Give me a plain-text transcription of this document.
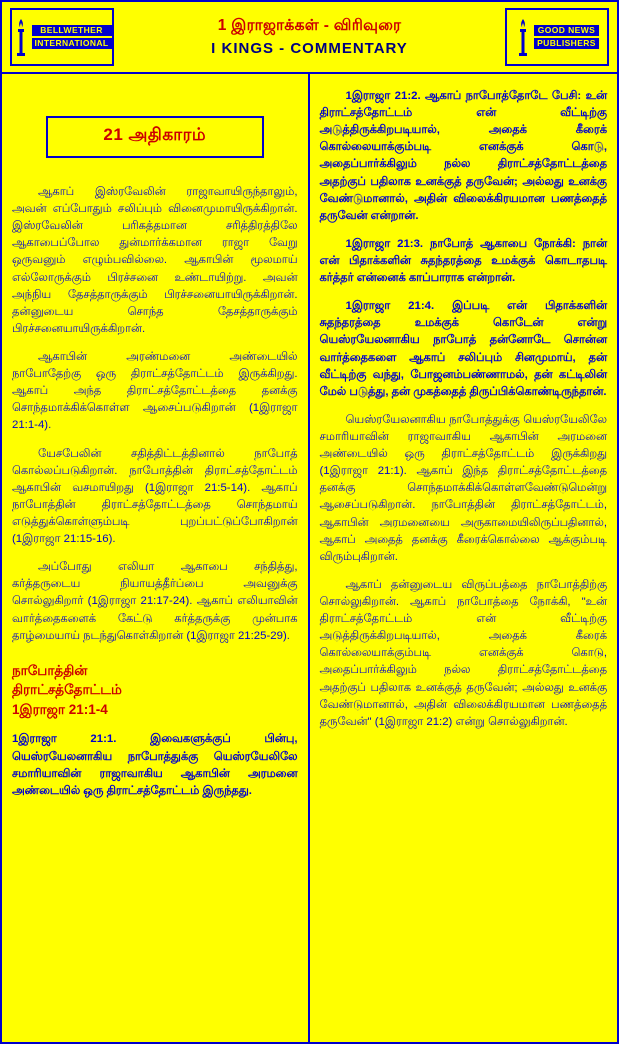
BELLWETHER
INTERNATIONAL
1 இராஜாக்கள் - விரிவுரை
I KINGS - COMMENTARY
GOOD NEWS
PUBLISHERS
21 அதிகாரம்

ஆகாப் இஸ்ரவேலின் ராஜாவாயிருந்தாலும், அவன் எப்போதும் சலிப்பும் வினைமுமாயிருக்கிறான். இஸ்ரவேலின் பரிகத்தமான சரித்திரத்திலே ஆகாபைப்போல துன்மார்க்கமான ராஜா வேறு ஒருவனும் எழும்பவில்லை. ஆகாபின் மூலமாய் எல்லோருக்கும் பிரச்சனை உண்டாயிற்று. அவன் அந்நிய தேசத்தாருக்கும் பிரச்சனையாயிருக்கிறான். தன்னுடைய சொந்த தேசத்தாருக்கும் பிரச்சனையாயிருக்கிறான்.

ஆகாபின் அரண்மனை அண்டையில் நாபோதேற்கு ஒரு திராட்சத்தோட்டம் இருக்கிறது. ஆகாப் அந்த திராட்சத்தோட்டத்தை தனக்கு சொந்தமாக்கிக்கொள்ள ஆசைப்படுகிறான் (1இராஜா 21:1-4).

யேசபேலின் சதித்திட்டத்தினால் நாபோத் கொல்லப்படுகிறான். நாபோத்தின் திராட்சத்தோட்டம் ஆகாபின் வசமாயிறது (1இராஜா 21:5-14). ஆகாப் நாபோத்தின் திராட்சத்தோட்டத்தை சொந்தமாய் எடுத்துக்கொள்ளும்படி புறப்பட்டுப்போகிறான் (1இராஜா 21:15-16).

அப்போது எலியா ஆகாபை சந்தித்து, கர்த்தருடைய நியாயத்தீர்ப்பை அவனுக்கு சொல்லுகிறார் (1இராஜா 21:17-24). ஆகாப் எலியாவின் வார்த்தைகளைக் கேட்டு கர்த்தருக்கு முன்பாக தாழ்மையாய் நடந்துகொள்கிறான் (1இராஜா 21:25-29).

நாபோத்தின்
திராட்சத்தோட்டம்
1இராஜா 21:1-4

1இராஜா 21:1. இவைகளுக்குப் பின்பு, யெஸ்ரயேலனாகிய நாபோத்துக்கு யெஸ்ரயேலிலே சமாரியாவின் ராஜாவாகிய ஆகாபின் அரமனை அண்டையில் ஒரு திராட்சத்தோட்டம் இருந்தது.

1இராஜா 21:2. ஆகாப் நாபோத்தோடே பேசி: உன் திராட்சத்தோட்டம் என் வீட்டிற்கு அடுத்திருக்கிறபடியால், அதைக் கீரைக் கொல்லையாக்கும்படி எனக்குக் கொடு, அதைப்பார்க்கிலும் நல்ல திராட்சத்தோட்டத்தை அதற்குப் பதிலாக உனக்குத் தருவேன்; அல்லது உனக்கு வேண்டுமானால், அதின் விலைக்கிரயமான பணத்தைத் தருவேன் என்றான்.

1இராஜா 21:3. நாபோத் ஆகாபை நோக்கி: நான் என் பிதாக்களின் சுதந்தரத்தை உமக்குக் கொடாதபடி கர்த்தர் என்னைக் காப்பாராக என்றான்.

1இராஜா 21:4. இப்படி என் பிதாக்களின் சுதந்தரத்தை உமக்குக் கொடேன் என்று யெஸ்ரயேலனாகிய நாபோத் தன்னோடே சொன்ன வார்த்தைகளை ஆகாப் சலிப்பும் சினமுமாய், தன் வீட்டிற்கு வந்து, போஜனம்பண்ணாமல், தன் கட்டிலின் மேல் படுத்து, தன் முகத்தைத் திருப்பிக்கொண்டிருந்தான்.

யெஸ்ரயேலனாகிய நாபோத்துக்கு யெஸ்ரயேலிலே சமாரியாவின் ராஜாவாகிய ஆகாபின் அரமனை அண்டையில் ஒரு திராட்சத்தோட்டம் இருக்கிறது (1இராஜா 21:1). ஆகாப் இந்த திராட்சத்தோட்டத்தை தனக்கு சொந்தமாக்கிக்கொள்ளவேண்டுமென்று ஆசைப்படுகிறான். நாபோத்தின் திராட்சத்தோட்டம், ஆகாபின் அரமனையை அருகாமையிலிருப்பதினால், ஆகாப் அதைத் தனக்கு கீரைக்கொல்லை ஆக்கும்படி விரும்புகிறான்.

ஆகாப் தன்னுடைய விருப்பத்தை நாபோத்திற்கு சொல்லுகிறான். ஆகாப் நாபோத்தை நோக்கி, "உன் திராட்சத்தோட்டம் என் வீட்டிற்கு அடுத்திருக்கிறபடியால், அதைக் கீரைக் கொல்லையாக்கும்படி எனக்குக் கொடு, அதைப்பார்க்கிலும் நல்ல திராட்சத்தோட்டத்தை அதற்குப் பதிலாக உனக்குத் தருவேன்; அல்லது உனக்கு வேண்டுமானால், அதின் விலைக்கிரயமான பணத்தைத் தருவேன்" (1இராஜா 21:2) என்று சொல்லுகிறான்.
